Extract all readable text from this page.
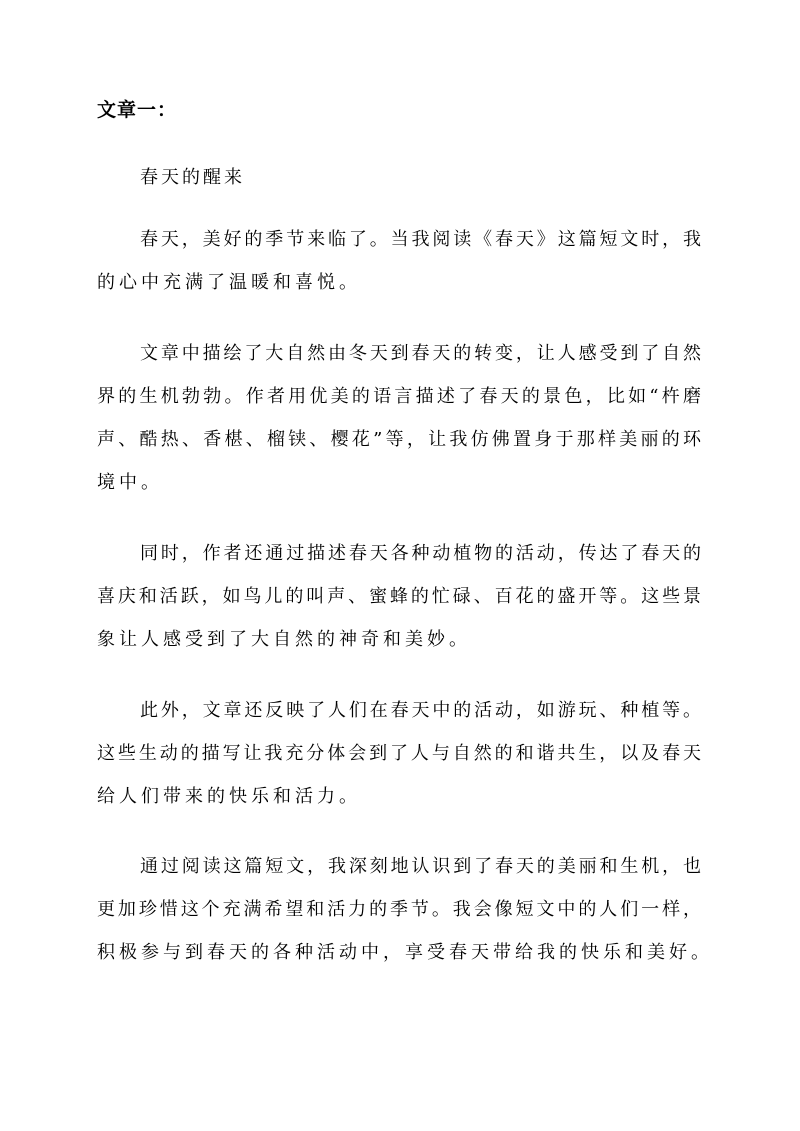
文章一：
春天的醒来
春天，美好的季节来临了。当我阅读《春天》这篇短文时，我
的心中充满了温暖和喜悦。
文章中描绘了大自然由冬天到春天的转变，让人感受到了自然
界的生机勃勃。作者用优美的语言描述了春天的景色，比如“杵磨
声、酷热、香椹、榴铗、樱花”等，让我仿佛置身于那样美丽的环
境中。
同时，作者还通过描述春天各种动植物的活动，传达了春天的
喜庆和活跃，如鸟儿的叫声、蜜蜂的忙碌、百花的盛开等。这些景
象让人感受到了大自然的神奇和美妙。
此外，文章还反映了人们在春天中的活动，如游玩、种植等。
这些生动的描写让我充分体会到了人与自然的和谐共生，以及春天
给人们带来的快乐和活力。
通过阅读这篇短文，我深刻地认识到了春天的美丽和生机，也
更加珍惜这个充满希望和活力的季节。我会像短文中的人们一样，
积极参与到春天的各种活动中，享受春天带给我的快乐和美好。
